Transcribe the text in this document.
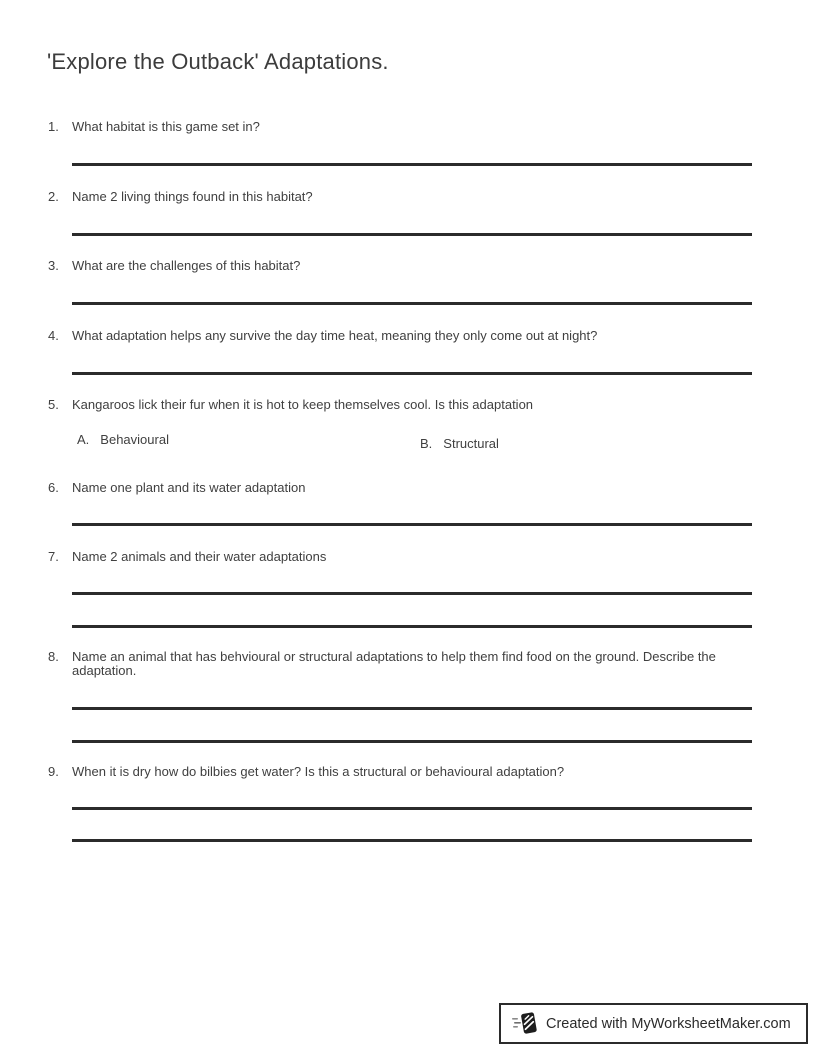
'Explore the Outback' Adaptations.
1. What habitat is this game set in?
2. Name 2 living things found in this habitat?
3. What are the challenges of this habitat?
4. What adaptation helps any survive the day time heat, meaning they only come out at night?
5. Kangaroos lick their fur when it is hot to keep themselves cool. Is this adaptation
A. Behavioural	B. Structural
6. Name one plant and its water adaptation
7. Name 2 animals and their water adaptations
8. Name an animal that has behvioural or structural adaptations to help them find food on the ground. Describe the adaptation.
9. When it is dry how do bilbies get water? Is this a structural or behavioural adaptation?
Created with MyWorksheetMaker.com
